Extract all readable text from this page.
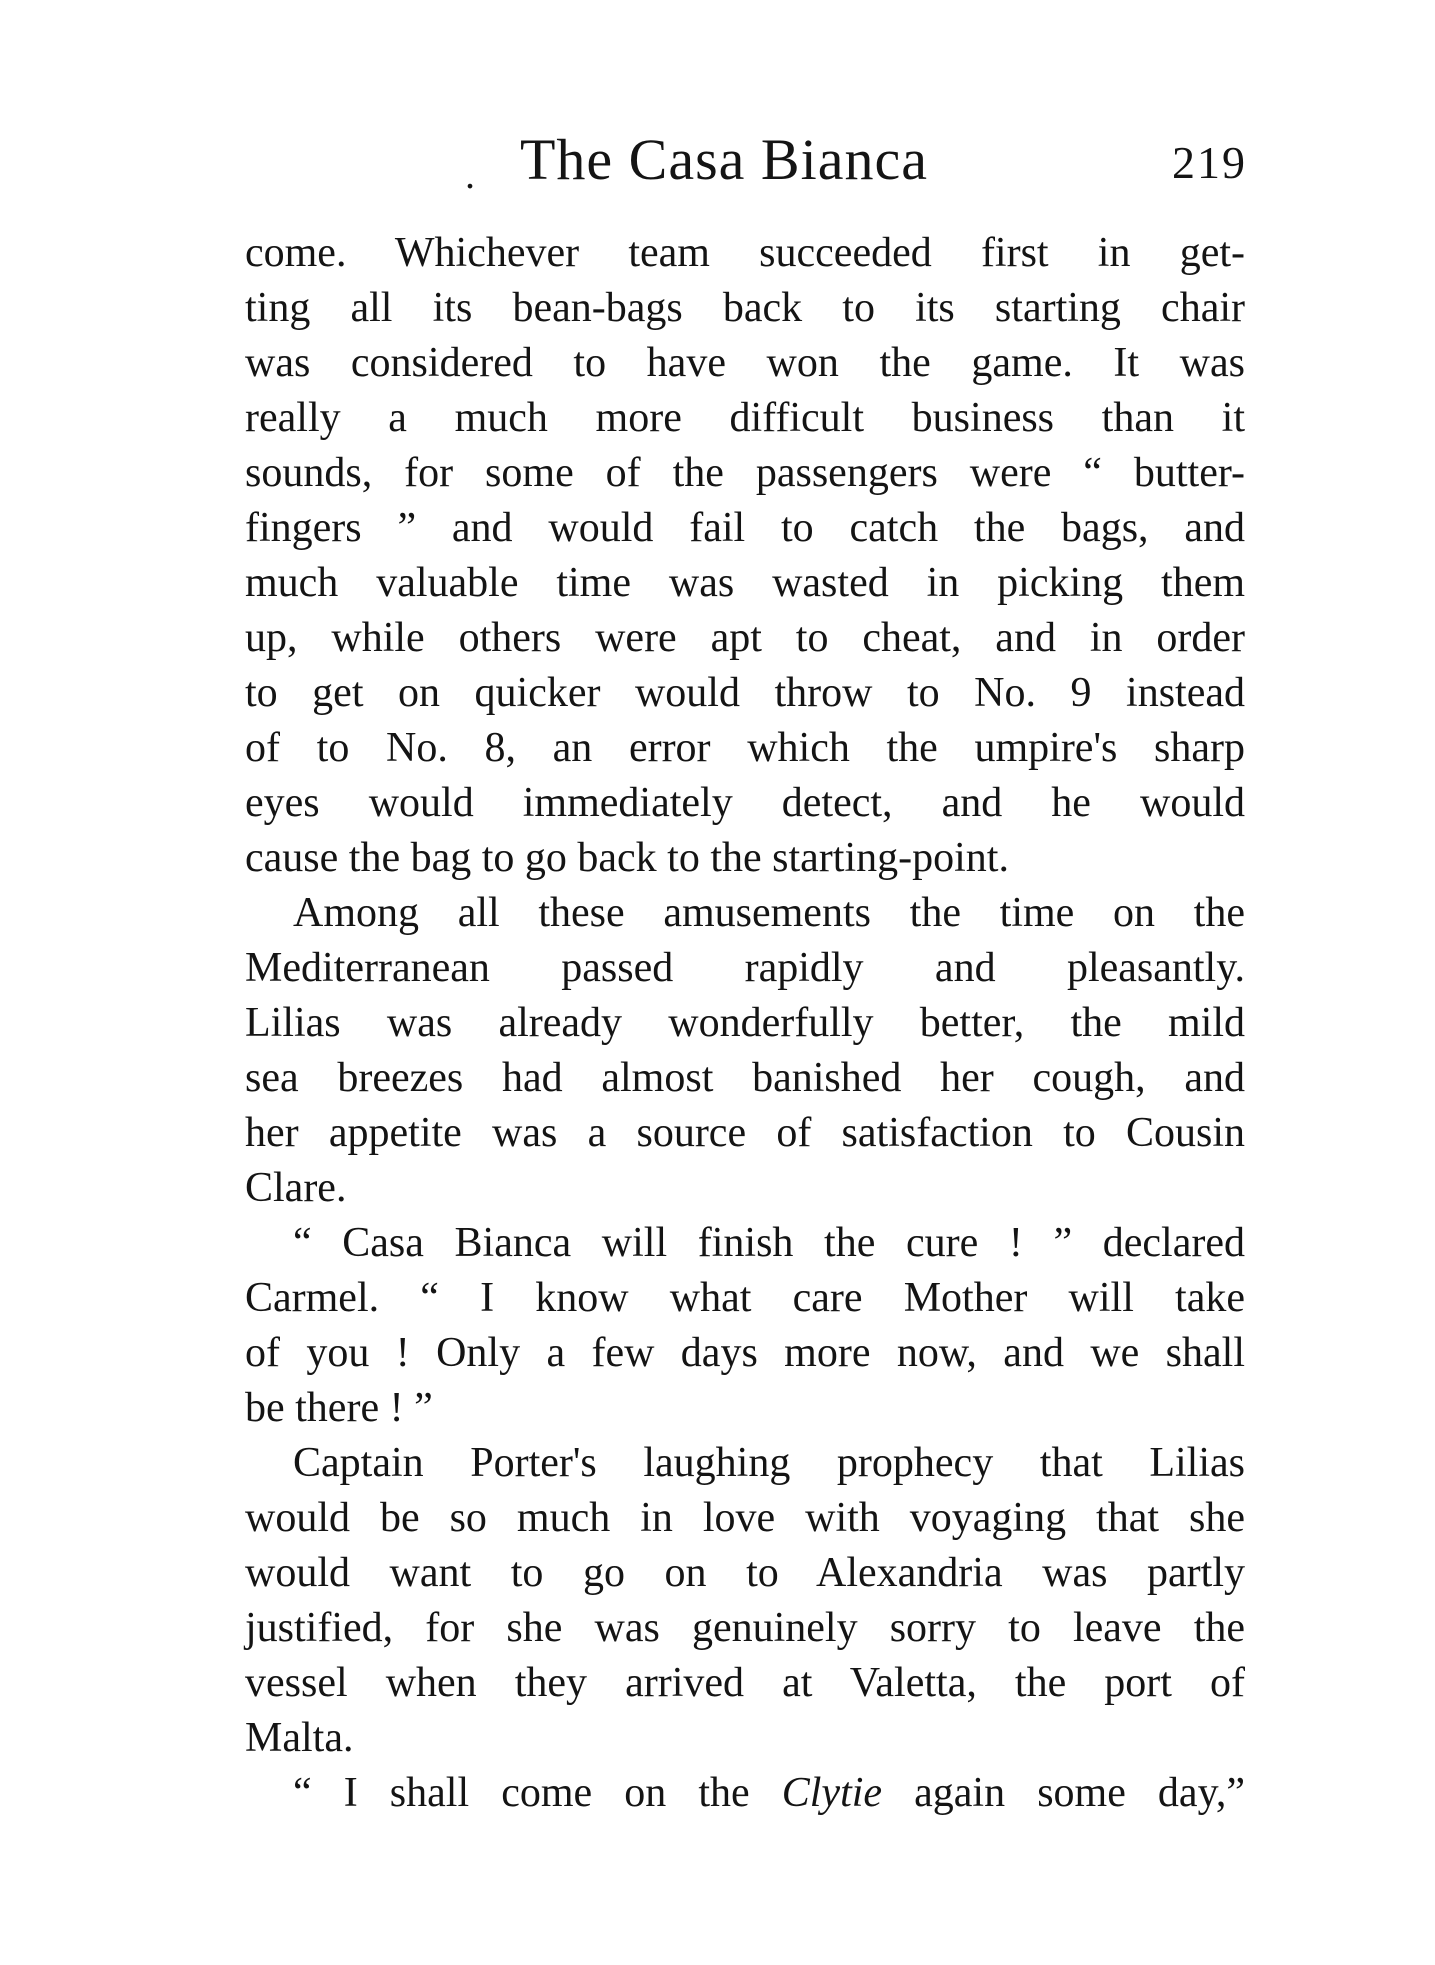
. The Casa Bianca	219
come. Whichever team succeeded first in get-
ting all its bean-bags back to its starting chair
was considered to have won the game. It was
really a much more difficult business than it
sounds, for some of the passengers were “ butter-
fingers ” and would fail to catch the bags, and
much valuable time was wasted in picking them
up, while others were apt to cheat, and in order
to get on quicker would throw to No. 9 instead
of to No. 8, an error which the umpire's sharp
eyes would immediately detect, and he would
cause the bag to go back to the starting-point.
Among all these amusements the time on the
Mediterranean passed rapidly and pleasantly.
Lilias was already wonderfully better, the mild
sea breezes had almost banished her cough, and
her appetite was a source of satisfaction to Cousin
Clare.
“ Casa Bianca will finish the cure ! ” declared
Carmel. “ I know what care Mother will take
of you ! Only a few days more now, and we shall
be there ! ”
Captain Porter's laughing prophecy that Lilias
would be so much in love with voyaging that she
would want to go on to Alexandria was partly
justified, for she was genuinely sorry to leave the
vessel when they arrived at Valetta, the port of
Malta.
“ I shall come on the Clytie again some day,”
